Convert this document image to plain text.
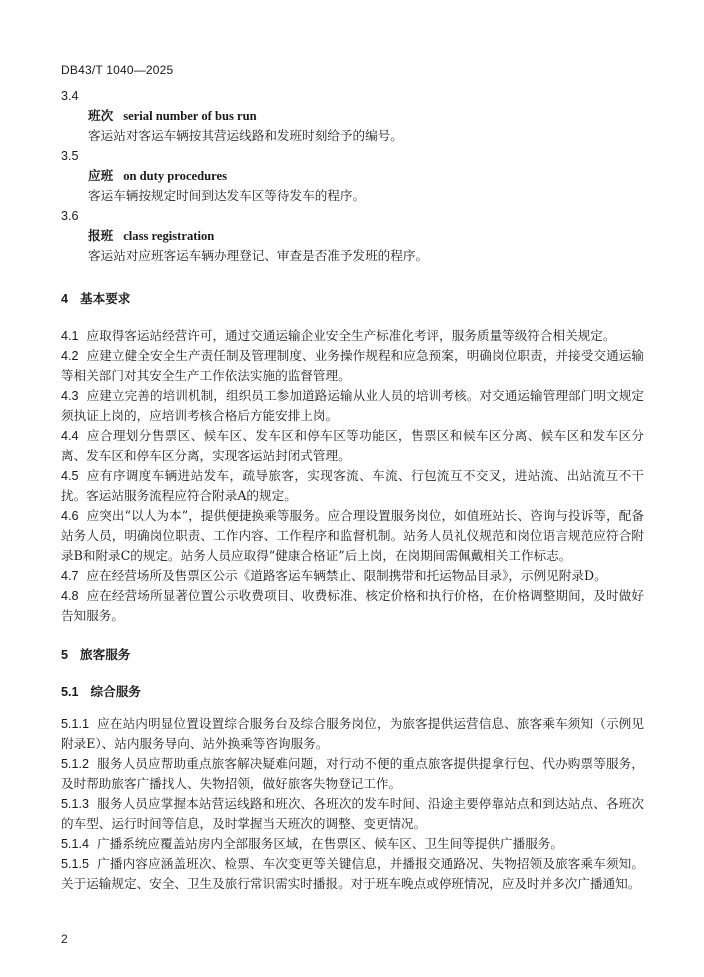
DB43/T 1040—2025
3.4
班次 serial number of bus run
客运站对客运车辆按其营运线路和发班时刻给予的编号。
3.5
应班 on duty procedures
客运车辆按规定时间到达发车区等待发车的程序。
3.6
报班 class registration
客运站对应班客运车辆办理登记、审查是否准予发班的程序。
4 基本要求
4.1 应取得客运站经营许可，通过交通运输企业安全生产标准化考评，服务质量等级符合相关规定。
4.2 应建立健全安全生产责任制及管理制度、业务操作规程和应急预案，明确岗位职责，并接受交通运输等相关部门对其安全生产工作依法实施的监督管理。
4.3 应建立完善的培训机制，组织员工参加道路运输从业人员的培训考核。对交通运输管理部门明文规定须执证上岗的，应培训考核合格后方能安排上岗。
4.4 应合理划分售票区、候车区、发车区和停车区等功能区，售票区和候车区分离、候车区和发车区分离、发车区和停车区分离，实现客运站封闭式管理。
4.5 应有序调度车辆进站发车，疏导旅客，实现客流、车流、行包流互不交叉，进站流、出站流互不干扰。客运站服务流程应符合附录A的规定。
4.6 应突出“以人为本”，提供便捷换乘等服务。应合理设置服务岗位，如值班站长、咨询与投诉等，配备站务人员，明确岗位职责、工作内容、工作程序和监督机制。站务人员礼仪规范和岗位语言规范应符合附录B和附录C的规定。站务人员应取得“健康合格证”后上岗，在岗期间需佩戴相关工作标志。
4.7 应在经营场所及售票区公示《道路客运车辆禁止、限制携带和托运物品目录》，示例见附录D。
4.8 应在经营场所显著位置公示收费项目、收费标准、核定价格和执行价格，在价格调整期间，及时做好告知服务。
5 旅客服务
5.1 综合服务
5.1.1 应在站内明显位置设置综合服务台及综合服务岗位，为旅客提供运营信息、旅客乘车须知（示例见附录E）、站内服务导向、站外换乘等咨询服务。
5.1.2 服务人员应帮助重点旅客解决疑难问题，对行动不便的重点旅客提供提拿行包、代办购票等服务，及时帮助旅客广播找人、失物招领，做好旅客失物登记工作。
5.1.3 服务人员应掌握本站营运线路和班次、各班次的发车时间、沿途主要停靠站点和到达站点、各班次的车型、运行时间等信息，及时掌握当天班次的调整、变更情况。
5.1.4 广播系统应覆盖站房内全部服务区域，在售票区、候车区、卫生间等提供广播服务。
5.1.5 广播内容应涵盖班次、检票、车次变更等关键信息，并播报交通路况、失物招领及旅客乘车须知。关于运输规定、安全、卫生及旅行常识需实时播报。对于班车晚点或停班情况，应及时并多次广播通知。
2
